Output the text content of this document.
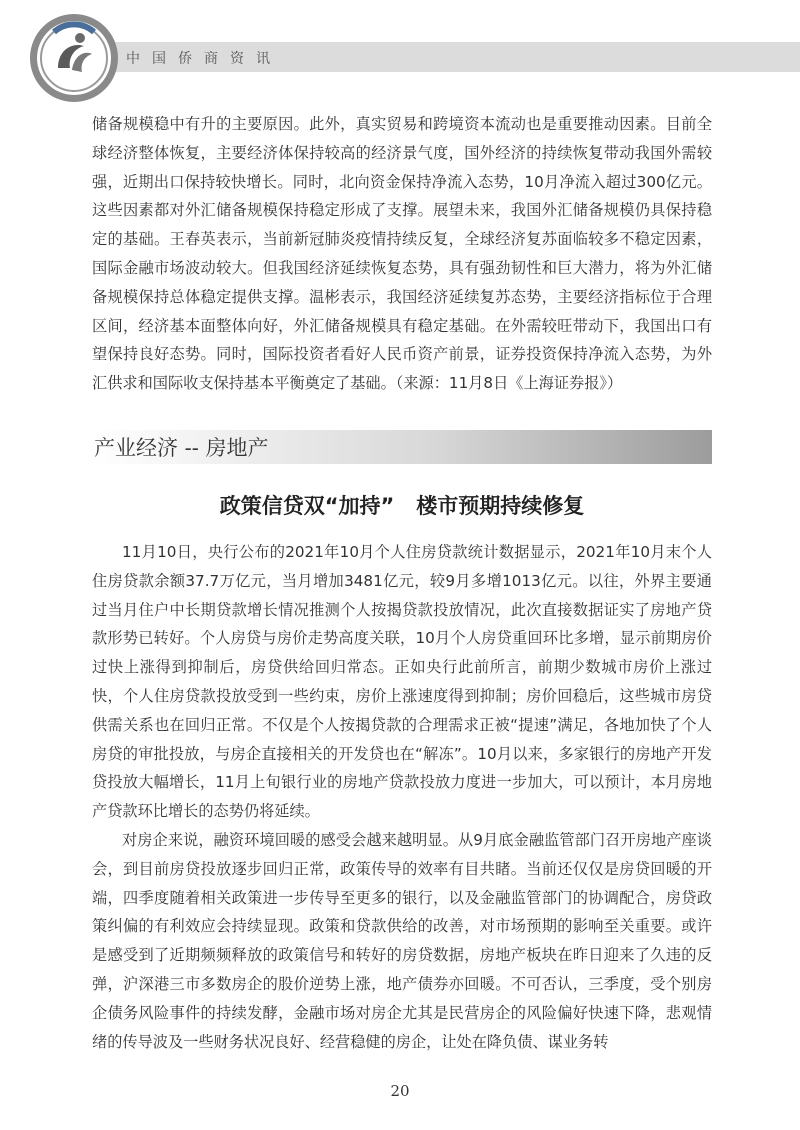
中国侨商资讯

储备规模稳中有升的主要原因。此外，真实贸易和跨境资本流动也是重要推动因素。目前全球经济整体恢复，主要经济体保持较高的经济景气度，国外经济的持续恢复带动我国外需较强，近期出口保持较快增长。同时，北向资金保持净流入态势，10月净流入超过300亿元。这些因素都对外汇储备规模保持稳定形成了支撑。展望未来，我国外汇储备规模仍具保持稳定的基础。王春英表示，当前新冠肺炎疫情持续反复，全球经济复苏面临较多不稳定因素，国际金融市场波动较大。但我国经济延续恢复态势，具有强劲韧性和巨大潜力，将为外汇储备规模保持总体稳定提供支撑。温彬表示，我国经济延续复苏态势，主要经济指标位于合理区间，经济基本面整体向好，外汇储备规模具有稳定基础。在外需较旺带动下，我国出口有望保持良好态势。同时，国际投资者看好人民币资产前景，证券投资保持净流入态势，为外汇供求和国际收支保持基本平衡奠定了基础。（来源：11月8日《上海证券报》）

产业经济 -- 房地产
政策信贷双“加持”   楼市预期持续修复

11月10日，央行公布的2021年10月个人住房贷款统计数据显示，2021年10月末个人住房贷款余额37.7万亿元，当月增加3481亿元，较9月多增1013亿元。以往，外界主要通过当月住户中长期贷款增长情况推测个人按揭贷款投放情况，此次直接数据证实了房地产贷款形势已转好。个人房贷与房价走势高度关联，10月个人房贷重回环比多增，显示前期房价过快上涨得到抑制后，房贷供给回归常态。正如央行此前所言，前期少数城市房价上涨过快，个人住房贷款投放受到一些约束，房价上涨速度得到抑制；房价回稳后，这些城市房贷供需关系也在回归正常。不仅是个人按揭贷款的合理需求正被“提速”满足，各地加快了个人房贷的审批投放，与房企直接相关的开发贷也在“解冻”。10月以来，多家银行的房地产开发贷投放大幅增长，11月上旬银行业的房地产贷款投放力度进一步加大，可以预计，本月房地产贷款环比增长的态势仍将延续。

对房企来说，融资环境回暖的感受会越来越明显。从9月底金融监管部门召开房地产座谈会，到目前房贷投放逐步回归正常，政策传导的效率有目共睹。当前还仅仅是房贷回暖的开端，四季度随着相关政策进一步传导至更多的银行，以及金融监管部门的协调配合，房贷政策纠偏的有利效应会持续显现。政策和贷款供给的改善，对市场预期的影响至关重要。或许是感受到了近期频频释放的政策信号和转好的房贷数据，房地产板块在昨日迎来了久违的反弹，沪深港三市多数房企的股价逆势上涨，地产债券亦回暖。不可否认，三季度，受个别房企债务风险事件的持续发酵，金融市场对房企尤其是民营房企的风险偏好快速下降，悲观情绪的传导波及一些财务状况良好、经营稳健的房企，让处在降负债、谋业务转

20
